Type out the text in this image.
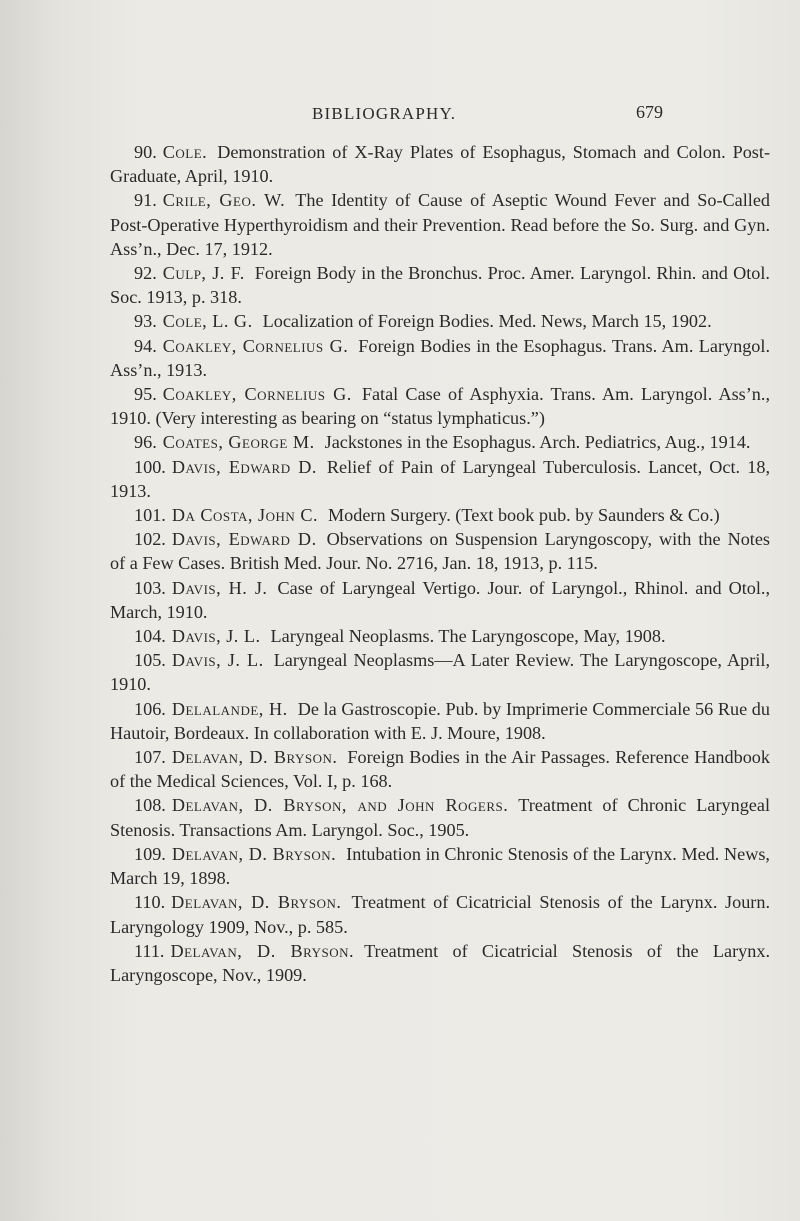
BIBLIOGRAPHY.	679

90. Cole. Demonstration of X-Ray Plates of Esophagus, Stomach and Colon. Post-Graduate, April, 1910.

91. Crile, Geo. W. The Identity of Cause of Aseptic Wound Fever and So-Called Post-Operative Hyperthyroidism and their Prevention. Read before the So. Surg. and Gyn. Ass’n., Dec. 17, 1912.

92. Culp, J. F. Foreign Body in the Bronchus. Proc. Amer. Laryngol. Rhin. and Otol. Soc. 1913, p. 318.

93. Cole, L. G. Localization of Foreign Bodies. Med. News, March 15, 1902.

94. Coakley, Cornelius G. Foreign Bodies in the Esophagus. Trans. Am. Laryngol. Ass’n., 1913.

95. Coakley, Cornelius G. Fatal Case of Asphyxia. Trans. Am. Laryngol. Ass’n., 1910. (Very interesting as bearing on “status lymphaticus.”)

96. Coates, George M. Jackstones in the Esophagus. Arch. Pediatrics, Aug., 1914.

100. Davis, Edward D. Relief of Pain of Laryngeal Tuberculosis. Lancet, Oct. 18, 1913.

101. Da Costa, John C. Modern Surgery. (Text book pub. by Saunders & Co.)

102. Davis, Edward D. Observations on Suspension Laryngoscopy, with the Notes of a Few Cases. British Med. Jour. No. 2716, Jan. 18, 1913, p. 115.

103. Davis, H. J. Case of Laryngeal Vertigo. Jour. of Laryngol., Rhinol. and Otol., March, 1910.

104. Davis, J. L. Laryngeal Neoplasms. The Laryngoscope, May, 1908.

105. Davis, J. L. Laryngeal Neoplasms—A Later Review. The Laryngoscope, April, 1910.

106. Delalande, H. De la Gastroscopie. Pub. by Imprimerie Commerciale 56 Rue du Hautoir, Bordeaux. In collaboration with E. J. Moure, 1908.

107. Delavan, D. Bryson. Foreign Bodies in the Air Passages. Reference Handbook of the Medical Sciences, Vol. I, p. 168.

108. Delavan, D. Bryson, and John Rogers. Treatment of Chronic Laryngeal Stenosis. Transactions Am. Laryngol. Soc., 1905.

109. Delavan, D. Bryson. Intubation in Chronic Stenosis of the Larynx. Med. News, March 19, 1898.

110. Delavan, D. Bryson. Treatment of Cicatricial Stenosis of the Larynx. Journ. Laryngology 1909, Nov., p. 585.

111. Delavan, D. Bryson. Treatment of Cicatricial Stenosis of the Larynx. Laryngoscope, Nov., 1909.
